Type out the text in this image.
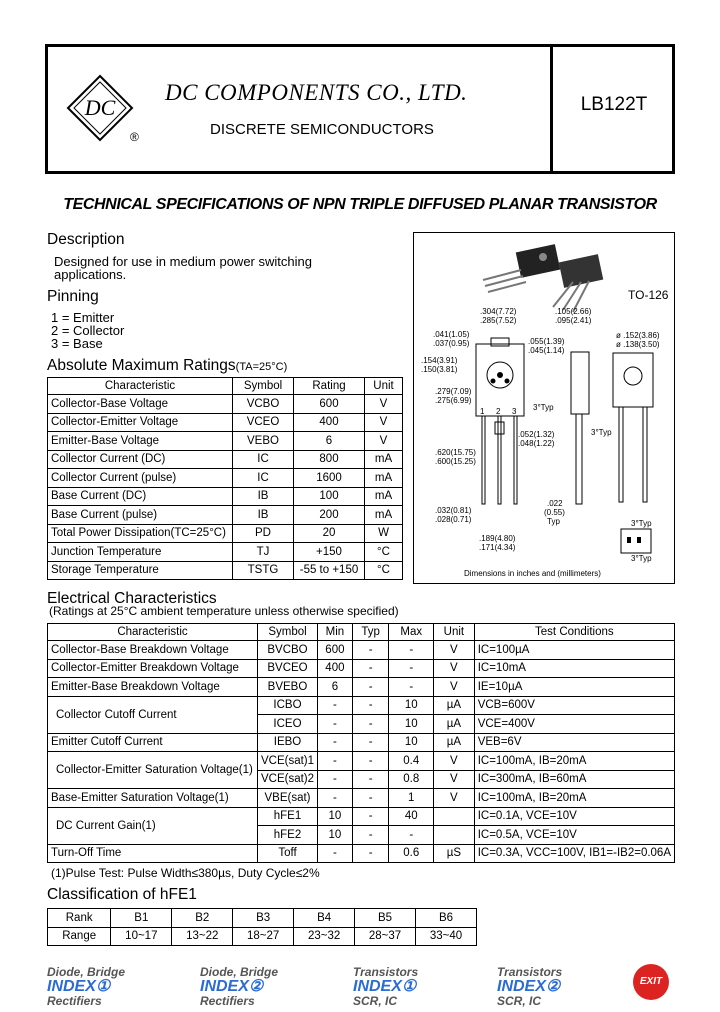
DC
®
DC COMPONENTS CO., LTD.
DISCRETE SEMICONDUCTORS
LB122T
TECHNICAL SPECIFICATIONS OF NPN TRIPLE DIFFUSED PLANAR TRANSISTOR
Description
Designed for use in medium power switching
applications.
Pinning
1 = Emitter
2 = Collector
3 = Base
Absolute Maximum Ratings(TA=25°C)
Characteristic	Symbol	Rating	Unit
Collector-Base Voltage	VCBO	600	V
Collector-Emitter Voltage	VCEO	400	V
Emitter-Base Voltage	VEBO	6	V
Collector Current (DC)	IC	800	mA
Collector Current (pulse)	IC	1600	mA
Base Current (DC)	IB	100	mA
Base Current (pulse)	IB	200	mA
Total Power Dissipation(TC=25°C)	PD	20	W
Junction Temperature	TJ	+150	°C
Storage Temperature	TSTG	-55 to +150	°C
TO-126
.304(7.72)
.285(7.52)
.105(2.66)
.095(2.41)
.041(1.05)
.037(0.95)	.055(1.39)
.045(1.14)
ø .152(3.86)
ø .138(3.50)
.154(3.91)
.150(3.81)
.279(7.09)
.275(6.99)
.052(1.32)
.048(1.22)
.620(15.75)
.600(15.25)
.032(0.81)
.028(0.71)
.022
(0.55)
Typ
.189(4.80)
.171(4.34)
3°Typ
3°Typ
3°Typ
3°Typ
1 2 3
Dimensions in inches and (millimeters)
Electrical Characteristics
(Ratings at 25°C ambient temperature unless otherwise specified)
Characteristic	Symbol	Min	Typ	Max	Unit	Test Conditions
Collector-Base Breakdown Voltage	BVCBO	600	-	-	V	IC=100µA
Collector-Emitter Breakdown Voltage	BVCEO	400	-	-	V	IC=10mA
Emitter-Base Breakdown Voltage	BVEBO	6	-	-	V	IE=10µA
Collector Cutoff Current	ICBO	-	-	10	µA	VCB=600V
	ICEO	-	-	10	µA	VCE=400V
Emitter Cutoff Current	IEBO	-	-	10	µA	VEB=6V
Collector-Emitter Saturation Voltage(1)	VCE(sat)1	-	-	0.4	V	IC=100mA, IB=20mA
	VCE(sat)2	-	-	0.8	V	IC=300mA, IB=60mA
Base-Emitter Saturation Voltage(1)	VBE(sat)	-	-	1	V	IC=100mA, IB=20mA
DC Current Gain(1)	hFE1	10	-	40		IC=0.1A, VCE=10V
	hFE2	10	-	-		IC=0.5A, VCE=10V
Turn-Off Time	Toff	-	-	0.6	µS	IC=0.3A, VCC=100V, IB1=-IB2=0.06A
(1)Pulse Test: Pulse Width≤380µs, Duty Cycle≤2%
Classification of hFE1
Rank	B1	B2	B3	B4	B5	B6
Range	10~17	13~22	18~27	23~32	28~37	33~40
Diode, Bridge
INDEX①
Rectifiers
Diode, Bridge
INDEX②
Rectifiers
Transistors
INDEX①
SCR, IC
Transistors
INDEX②
SCR, IC
EXIT
